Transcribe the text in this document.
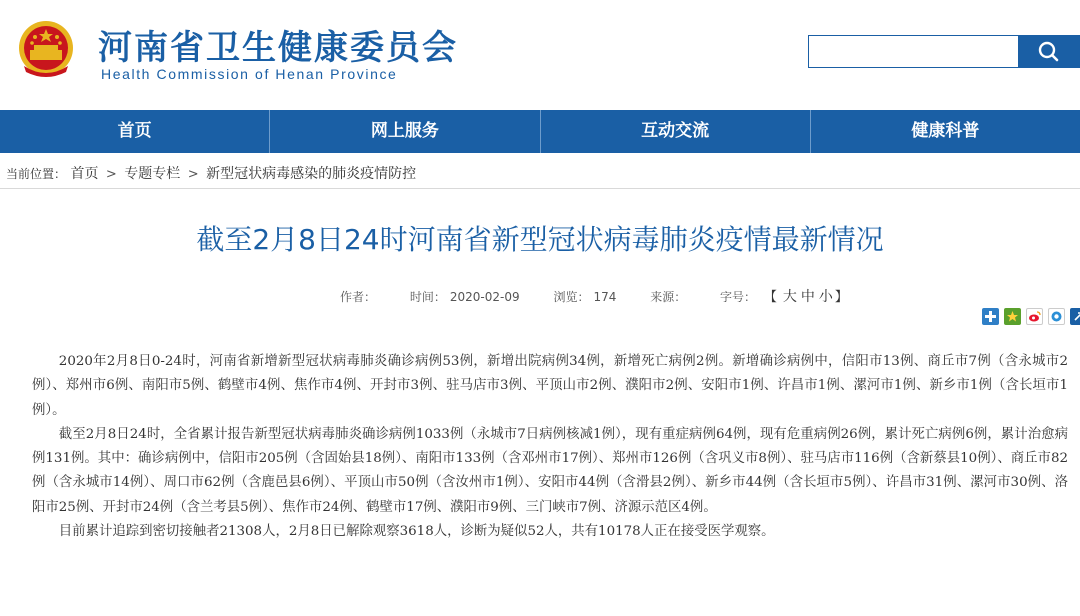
河南省卫生健康委员会
Health Commission of Henan Province
首页	网上服务	互动交流	健康科普
当前位置： 首页 > 专题专栏 > 新型冠状病毒感染的肺炎疫情防控
截至2月8日24时河南省新型冠状病毒肺炎疫情最新情况
作者：	时间： 2020-02-09	浏览： 174	来源：	字号： 【 大 中 小 】

2020年2月8日0-24时，河南省新增新型冠状病毒肺炎确诊病例53例，新增出院病例34例，新增死亡病例2例。新增确诊病例中，信阳市13例、商丘市7例（含永城市2例）、郑州市6例、南阳市5例、鹤壁市4例、焦作市4例、开封市3例、驻马店市3例、平顶山市2例、濮阳市2例、安阳市1例、许昌市1例、漯河市1例、新乡市1例（含长垣市1例）。

截至2月8日24时，全省累计报告新型冠状病毒肺炎确诊病例1033例（永城市7日病例核减1例），现有重症病例64例，现有危重病例26例，累计死亡病例6例，累计治愈病例131例。其中：确诊病例中，信阳市205例（含固始县18例）、南阳市133例（含邓州市17例）、郑州市126例（含巩义市8例）、驻马店市116例（含新蔡县10例）、商丘市82例（含永城市14例）、周口市62例（含鹿邑县6例）、平顶山市50例（含汝州市1例）、安阳市44例（含滑县2例）、新乡市44例（含长垣市5例）、许昌市31例、漯河市30例、洛阳市25例、开封市24例（含兰考县5例）、焦作市24例、鹤壁市17例、濮阳市9例、三门峡市7例、济源示范区4例。

目前累计追踪到密切接触者21308人，2月8日已解除观察3618人，诊断为疑似52人，共有10178人正在接受医学观察。
